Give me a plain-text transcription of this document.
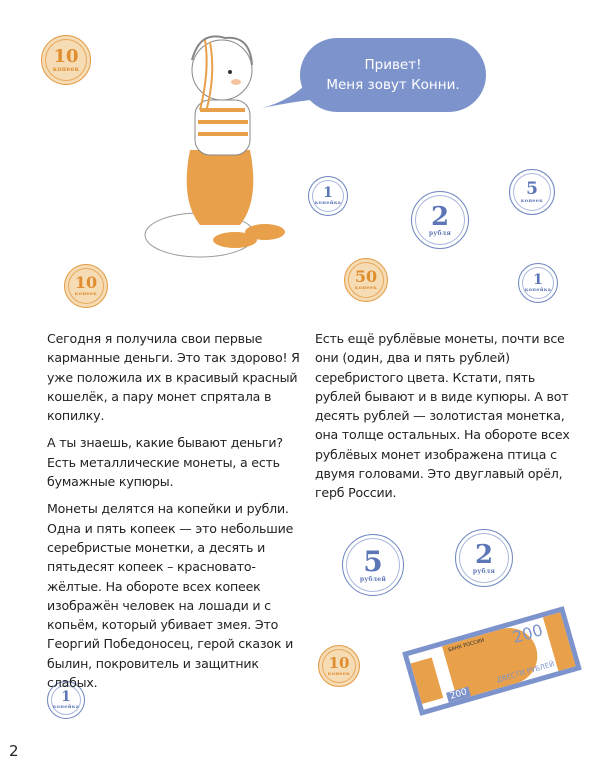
Привет!
Меня зовут Конни.
10
копеек
1
копейка	2
рубля
5
копеек
50
копеек	1
копейка
10
копеек
5
рублей
2
рубля
10
копеек
1
копейка
БАНК РОССИИ 200
ДВЕСТИ РУБЛЕЙ
200

Сегодня я получила свои первые карманные деньги. Это так здорово! Я уже положила их в красивый красный кошелёк, а пару монет спрятала в копилку.

А ты знаешь, какие бывают деньги? Есть металлические монеты, а есть бумажные купюры.

Монеты делятся на копейки и рубли. Одна и пять копеек — это небольшие серебристые монетки, а десять и пятьдесят копеек – красновато-жёлтые. На обороте всех копеек изображён человек на лошади и с копьём, который убивает змея. Это Георгий Победоносец, герой сказок и былин, покровитель и защитник слабых.

Есть ещё рублёвые монеты, почти все они (один, два и пять рублей) серебристого цвета. Кстати, пять рублей бывают и в виде купюры. А вот десять рублей — золотистая монетка, она толще остальных. На обороте всех рублёвых монет изображена птица с двумя головами. Это двуглавый орёл, герб России.

2
